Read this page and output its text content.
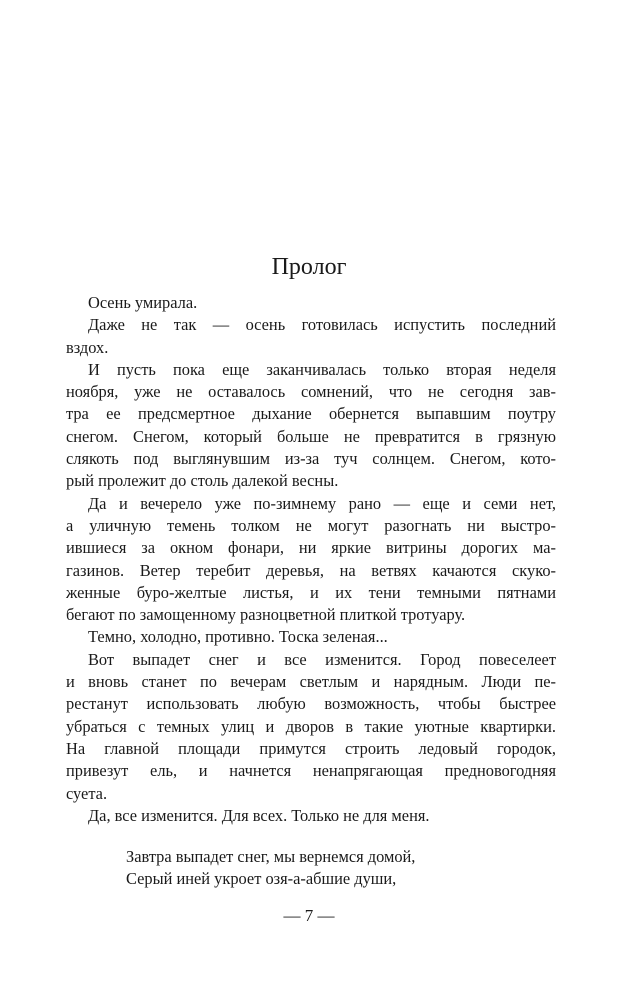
Пролог
Осень умирала.
Даже не так — осень готовилась испустить последний
вздох.
И пусть пока еще заканчивалась только вторая неделя
ноября, уже не оставалось сомнений, что не сегодня зав-
тра ее предсмертное дыхание обернется выпавшим поутру
снегом. Снегом, который больше не превратится в грязную
слякоть под выглянувшим из-за туч солнцем. Снегом, кото-
рый пролежит до столь далекой весны.
Да и вечерело уже по-зимнему рано — еще и семи нет,
а уличную темень толком не могут разогнать ни выстро-
ившиеся за окном фонари, ни яркие витрины дорогих ма-
газинов. Ветер теребит деревья, на ветвях качаются скуко-
женные буро-желтые листья, и их тени темными пятнами
бегают по замощенному разноцветной плиткой тротуару.
Темно, холодно, противно. Тоска зеленая...
Вот выпадет снег и все изменится. Город повеселеет
и вновь станет по вечерам светлым и нарядным. Люди пе-
рестанут использовать любую возможность, чтобы быстрее
убраться с темных улиц и дворов в такие уютные квартирки.
На главной площади примутся строить ледовый городок,
привезут ель, и начнется ненапрягающая предновогодняя
суета.
Да, все изменится. Для всех. Только не для меня.
Завтра выпадет снег, мы вернемся домой,
Серый иней укроет озя-а-абшие души,
— 7 —
